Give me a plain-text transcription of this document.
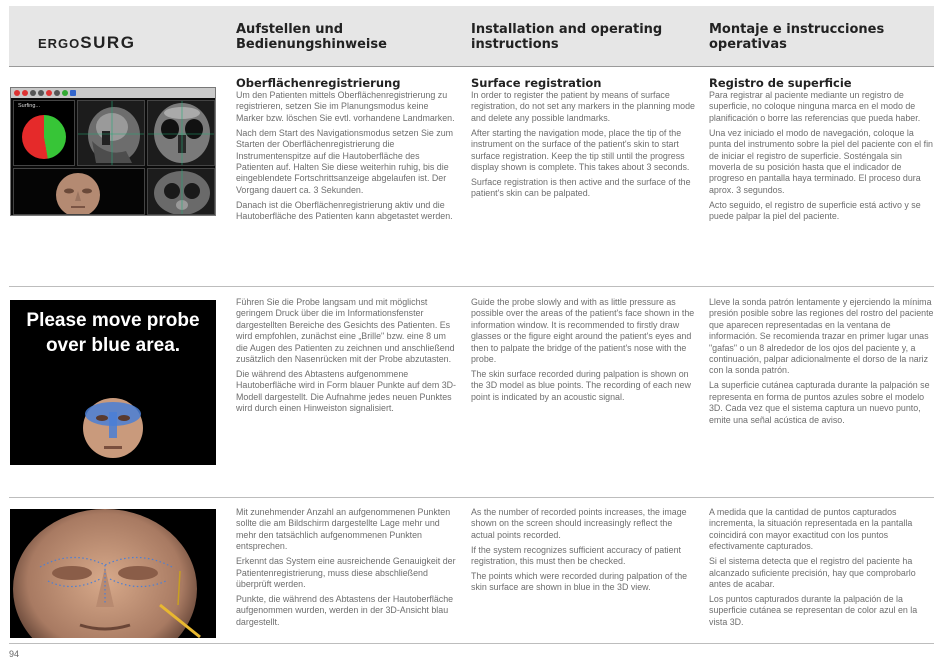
ERGOSURG
Aufstellen und Bedienungshinweise
Installation and operating instructions
Montaje e instrucciones operativas
Surfing...
Oberflächenregistrierung	Surface registration	Registro de superficie

Um den Patienten mittels Oberflächenregistrierung zu registrieren, setzen Sie im Planungsmodus keine Marker bzw. löschen Sie evtl. vorhandene Landmarken.

Nach dem Start des Navigationsmodus setzen Sie zum Starten der Oberflächenregistrierung die Instrumentenspitze auf die Hautoberfläche des Patienten auf. Halten Sie diese weiterhin ruhig, bis die eingeblendete Fortschrittsanzeige abgelaufen ist. Der Vorgang dauert ca. 3 Sekunden.

Danach ist die Oberflächenregistrierung aktiv und die Hautoberfläche des Patienten kann abgetastet werden.

In order to register the patient by means of surface registration, do not set any markers in the planning mode and delete any possible landmarks.

After starting the navigation mode, place the tip of the instrument on the surface of the patient's skin to start surface registration. Keep the tip still until the progress display shown is complete. This takes about 3 seconds.

Surface registration is then active and the surface of the patient's skin can be palpated.

Para registrar al paciente mediante un registro de superficie, no coloque ninguna marca en el modo de planificación o borre las referencias que pueda haber.

Una vez iniciado el modo de navegación, coloque la punta del instrumento sobre la piel del paciente con el fin de iniciar el registro de superficie. Sosténgala sin moverla de su posición hasta que el indicador de progreso en pantalla haya terminado. El proceso dura aprox. 3 segundos.

Acto seguido, el registro de superficie está activo y se puede palpar la piel del paciente.

Please move probe
over blue area.

Führen Sie die Probe langsam und mit möglichst geringem Druck über die im Informationsfenster dargestellten Bereiche des Gesichts des Patienten. Es wird empfohlen, zunächst eine „Brille" bzw. eine 8 um die Augen des Patienten zu zeichnen und anschließend zusätzlich den Nasenrücken mit der Probe abzutasten.

Die während des Abtastens aufgenommene Hautoberfläche wird in Form blauer Punkte auf dem 3D-Modell dargestellt. Die Aufnahme jedes neuen Punktes wird durch einen Hinweiston signalisiert.

Guide the probe slowly and with as little pressure as possible over the areas of the patient's face shown in the information window. It is recommended to firstly draw glasses or the figure eight around the patient's eyes and then to palpate the bridge of the patient's nose with the probe.

The skin surface recorded during palpation is shown on the 3D model as blue points. The recording of each new point is indicated by an acoustic signal.

Lleve la sonda patrón lentamente y ejerciendo la mínima presión posible sobre las regiones del rostro del paciente que aparecen representadas en la ventana de información. Se recomienda trazar en primer lugar unas "gafas" o un 8 alrededor de los ojos del paciente y, a continuación, palpar adicionalmente el dorso de la nariz con la sonda patrón.

La superficie cutánea capturada durante la palpación se representa en forma de puntos azules sobre el modelo 3D. Cada vez que el sistema captura un nuevo punto, emite una señal acústica de aviso.

Mit zunehmender Anzahl an aufgenommenen Punkten sollte die am Bildschirm dargestellte Lage mehr und mehr den tatsächlich aufgenommenen Punkten entsprechen.

Erkennt das System eine ausreichende Genauigkeit der Patientenregistrierung, muss diese abschließend überprüft werden.

Punkte, die während des Abtastens der Hautoberfläche aufgenommen wurden, werden in der 3D-Ansicht blau dargestellt.

As the number of recorded points increases, the image shown on the screen should increasingly reflect the actual points recorded.

If the system recognizes sufficient accuracy of patient registration, this must then be checked.

The points which were recorded during palpation of the skin surface are shown in blue in the 3D view.

A medida que la cantidad de puntos capturados incrementa, la situación representada en la pantalla coincidirá con mayor exactitud con los puntos efectivamente capturados.

Si el sistema detecta que el registro del paciente ha alcanzado suficiente precisión, hay que comprobarlo antes de acabar.

Los puntos capturados durante la palpación de la superficie cutánea se representan de color azul en la vista 3D.

94
